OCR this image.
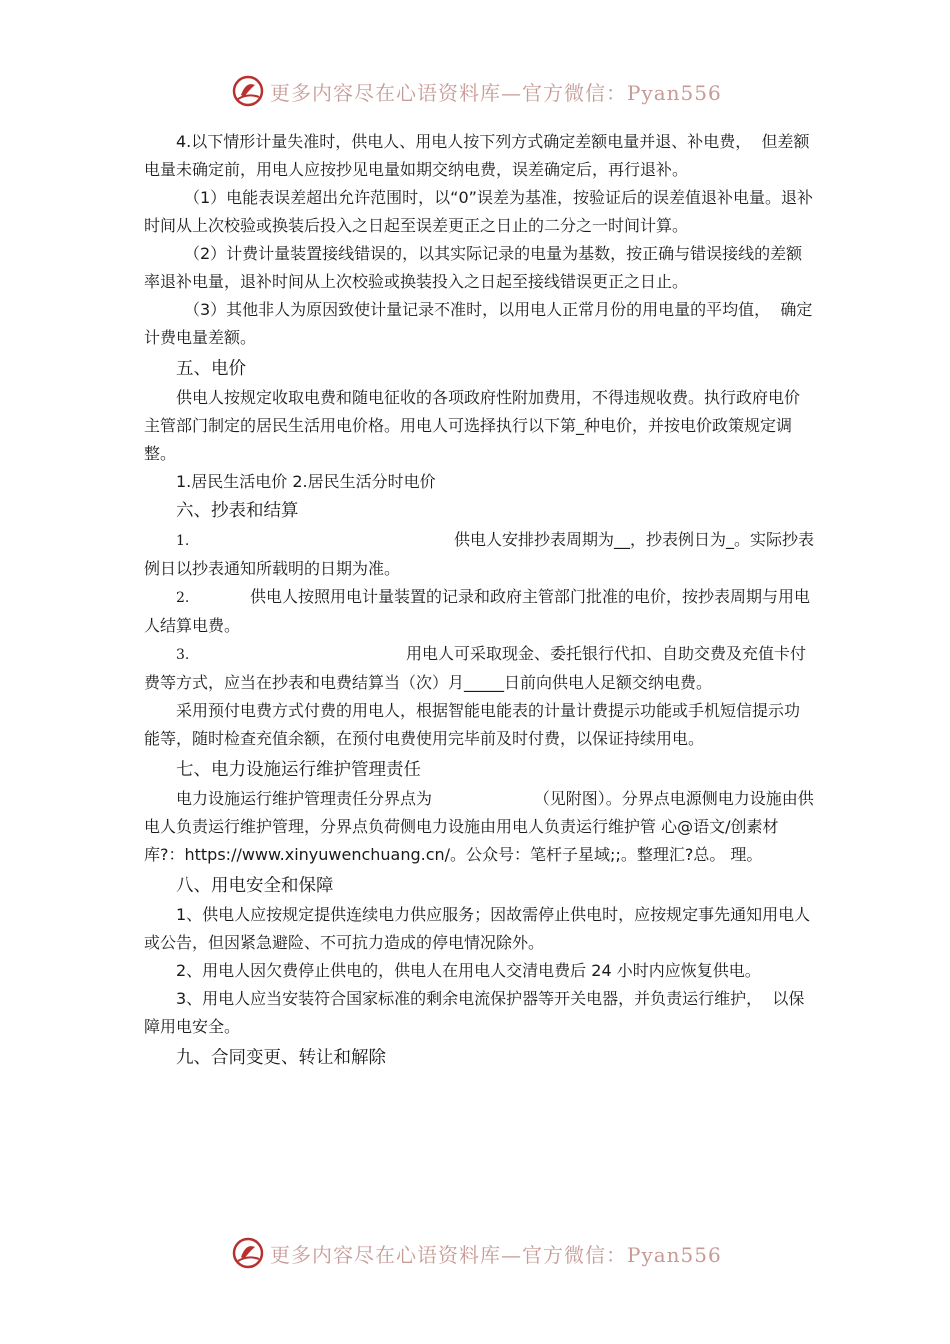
更多内容尽在心语资料库—官方微信：Pyan556

4.以下情形计量失准时，供电人、用电人按下列方式确定差额电量并退、补电费，  但差额电量未确定前，用电人应按抄见电量如期交纳电费，误差确定后，再行退补。

（1）电能表误差超出允许范围时，以“0”误差为基准，按验证后的误差值退补电量。退补时间从上次校验或换装后投入之日起至误差更正之日止的二分之一时间计算。

（2）计费计量装置接线错误的，以其实际记录的电量为基数，按正确与错误接线的差额率退补电量，退补时间从上次校验或换装投入之日起至接线错误更正之日止。

（3）其他非人为原因致使计量记录不准时，以用电人正常月份的用电量的平均值，  确定计费电量差额。

五、电价

供电人按规定收取电费和随电征收的各项政府性附加费用，不得违规收费。执行政府电价主管部门制定的居民生活用电价格。用电人可选择执行以下第_种电价，并按电价政策规定调整。

1.居民生活电价 2.居民生活分时电价

六、抄表和结算

1.	供电人安排抄表周期为__，抄表例日为_。实际抄表例日以抄表通知所载明的日期为准。

2.	供电人按照用电计量装置的记录和政府主管部门批准的电价，按抄表周期与用电人结算电费。

3.	用电人可采取现金、委托银行代扣、自助交费及充值卡付费等方式，应当在抄表和电费结算当（次）月_____日前向供电人足额交纳电费。

采用预付电费方式付费的用电人，根据智能电能表的计量计费提示功能或手机短信提示功能等，随时检查充值余额，在预付电费使用完毕前及时付费，以保证持续用电。

七、电力设施运行维护管理责任

电力设施运行维护管理责任分界点为                    （见附图）。分界点电源侧电力设施由供电人负责运行维护管理，分界点负荷侧电力设施由用电人负责运行维护管 心@语文/创素材库?：https://www.xinyuwenchuang.cn/。公众号：笔杆子星域;;。整理汇?总。 理。

八、用电安全和保障

1、供电人应按规定提供连续电力供应服务；因故需停止供电时，应按规定事先通知用电人或公告，但因紧急避险、不可抗力造成的停电情况除外。

2、用电人因欠费停止供电的，供电人在用电人交清电费后 24 小时内应恢复供电。

3、用电人应当安装符合国家标准的剩余电流保护器等开关电器，并负责运行维护，  以保障用电安全。

九、合同变更、转让和解除

更多内容尽在心语资料库—官方微信：Pyan556
